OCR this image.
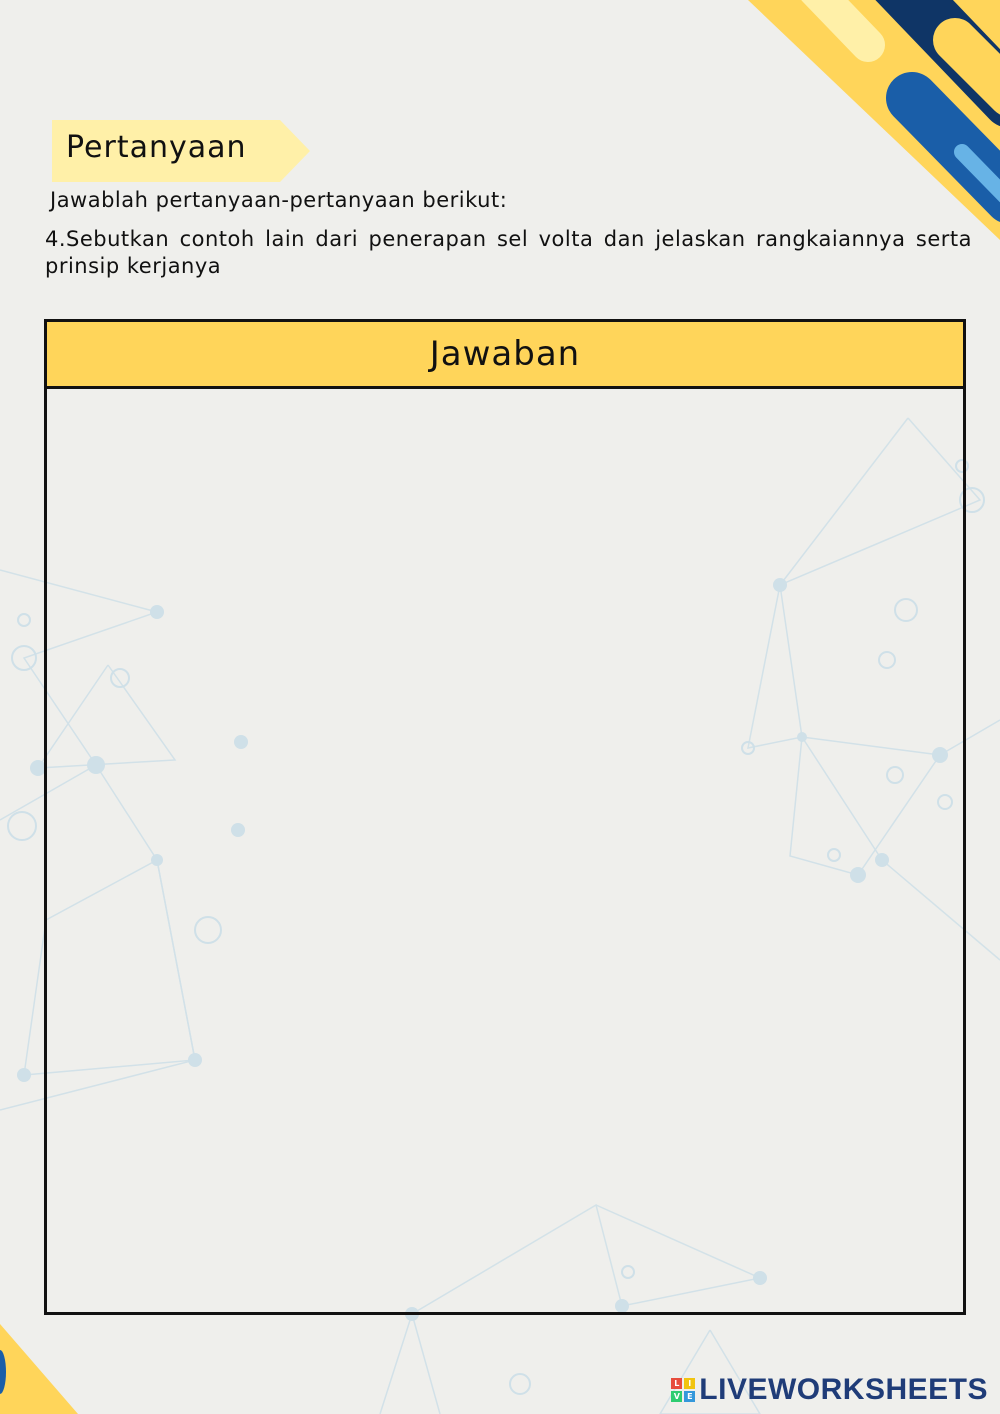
Pertanyaan
Jawablah pertanyaan-pertanyaan berikut:
4.Sebutkan contoh lain dari penerapan sel volta dan jelaskan rangkaiannya serta prinsip kerjanya
Jawaban
L	I
V E LIVEWORKSHEETS
